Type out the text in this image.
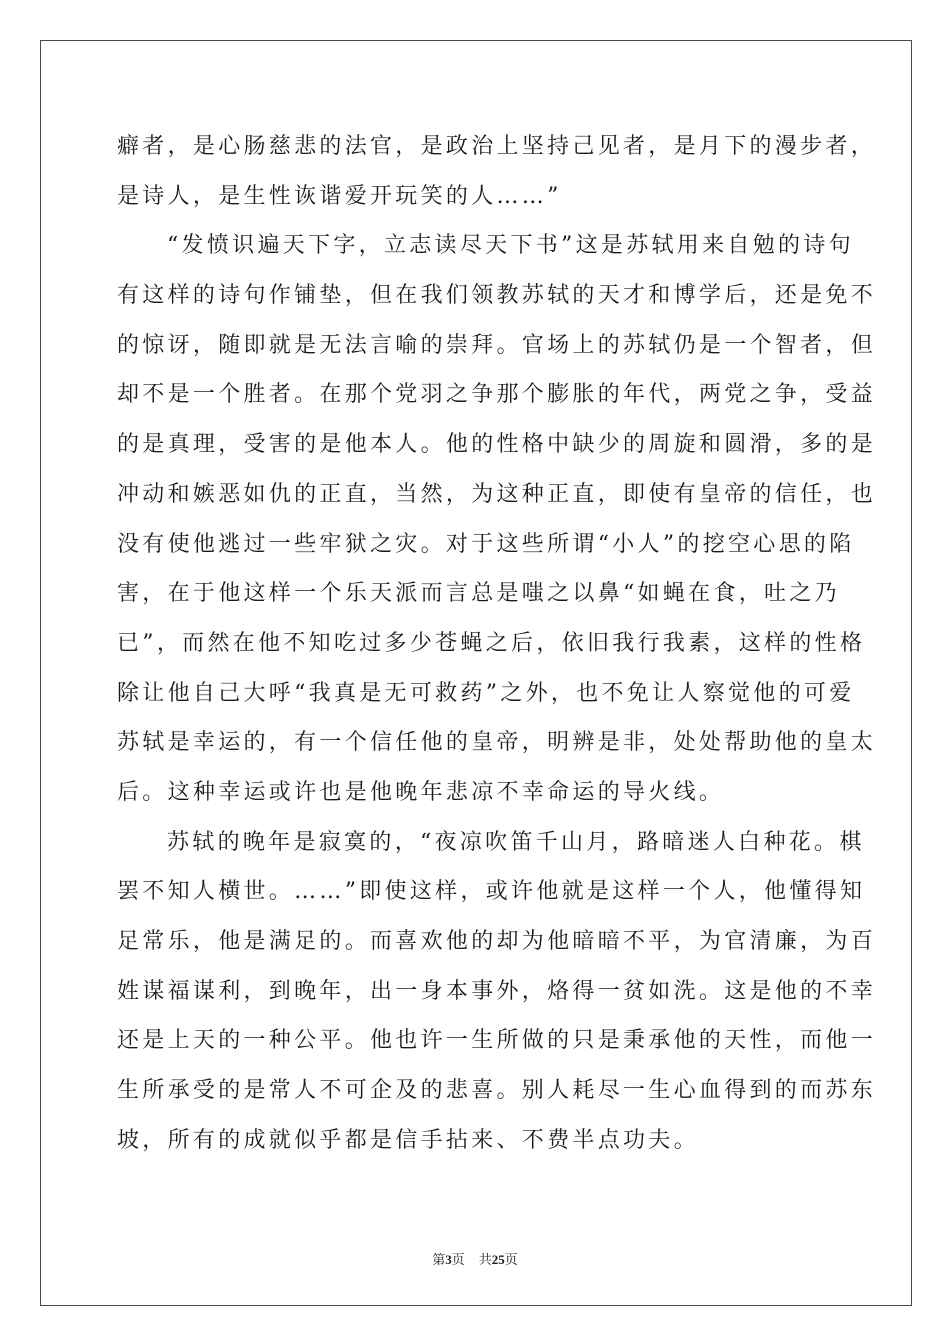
癖者，是心肠慈悲的法官，是政治上坚持己见者，是月下的漫步者，
是诗人，是生性诙谐爱开玩笑的人……”
“发愤识遍天下字，立志读尽天下书”这是苏轼用来自勉的诗句
有这样的诗句作铺垫，但在我们领教苏轼的天才和博学后，还是免不
的惊讶，随即就是无法言喻的崇拜。官场上的苏轼仍是一个智者，但
却不是一个胜者。在那个党羽之争那个膨胀的年代，两党之争，受益
的是真理，受害的是他本人。他的性格中缺少的周旋和圆滑，多的是
冲动和嫉恶如仇的正直，当然，为这种正直，即使有皇帝的信任，也
没有使他逃过一些牢狱之灾。对于这些所谓“小人”的挖空心思的陷
害，在于他这样一个乐天派而言总是嗤之以鼻“如蝇在食，吐之乃
已”，而然在他不知吃过多少苍蝇之后，依旧我行我素，这样的性格
除让他自己大呼“我真是无可救药”之外，也不免让人察觉他的可爱
苏轼是幸运的，有一个信任他的皇帝，明辨是非，处处帮助他的皇太
后。这种幸运或许也是他晚年悲凉不幸命运的导火线。
苏轼的晚年是寂寞的，“夜凉吹笛千山月，路暗迷人白种花。棋
罢不知人横世。……”即使这样，或许他就是这样一个人，他懂得知
足常乐，他是满足的。而喜欢他的却为他暗暗不平，为官清廉，为百
姓谋福谋利，到晚年，出一身本事外，烙得一贫如洗。这是他的不幸
还是上天的一种公平。他也许一生所做的只是秉承他的天性，而他一
生所承受的是常人不可企及的悲喜。别人耗尽一生心血得到的而苏东
坡，所有的成就似乎都是信手拈来、不费半点功夫。
第3页 共25页
